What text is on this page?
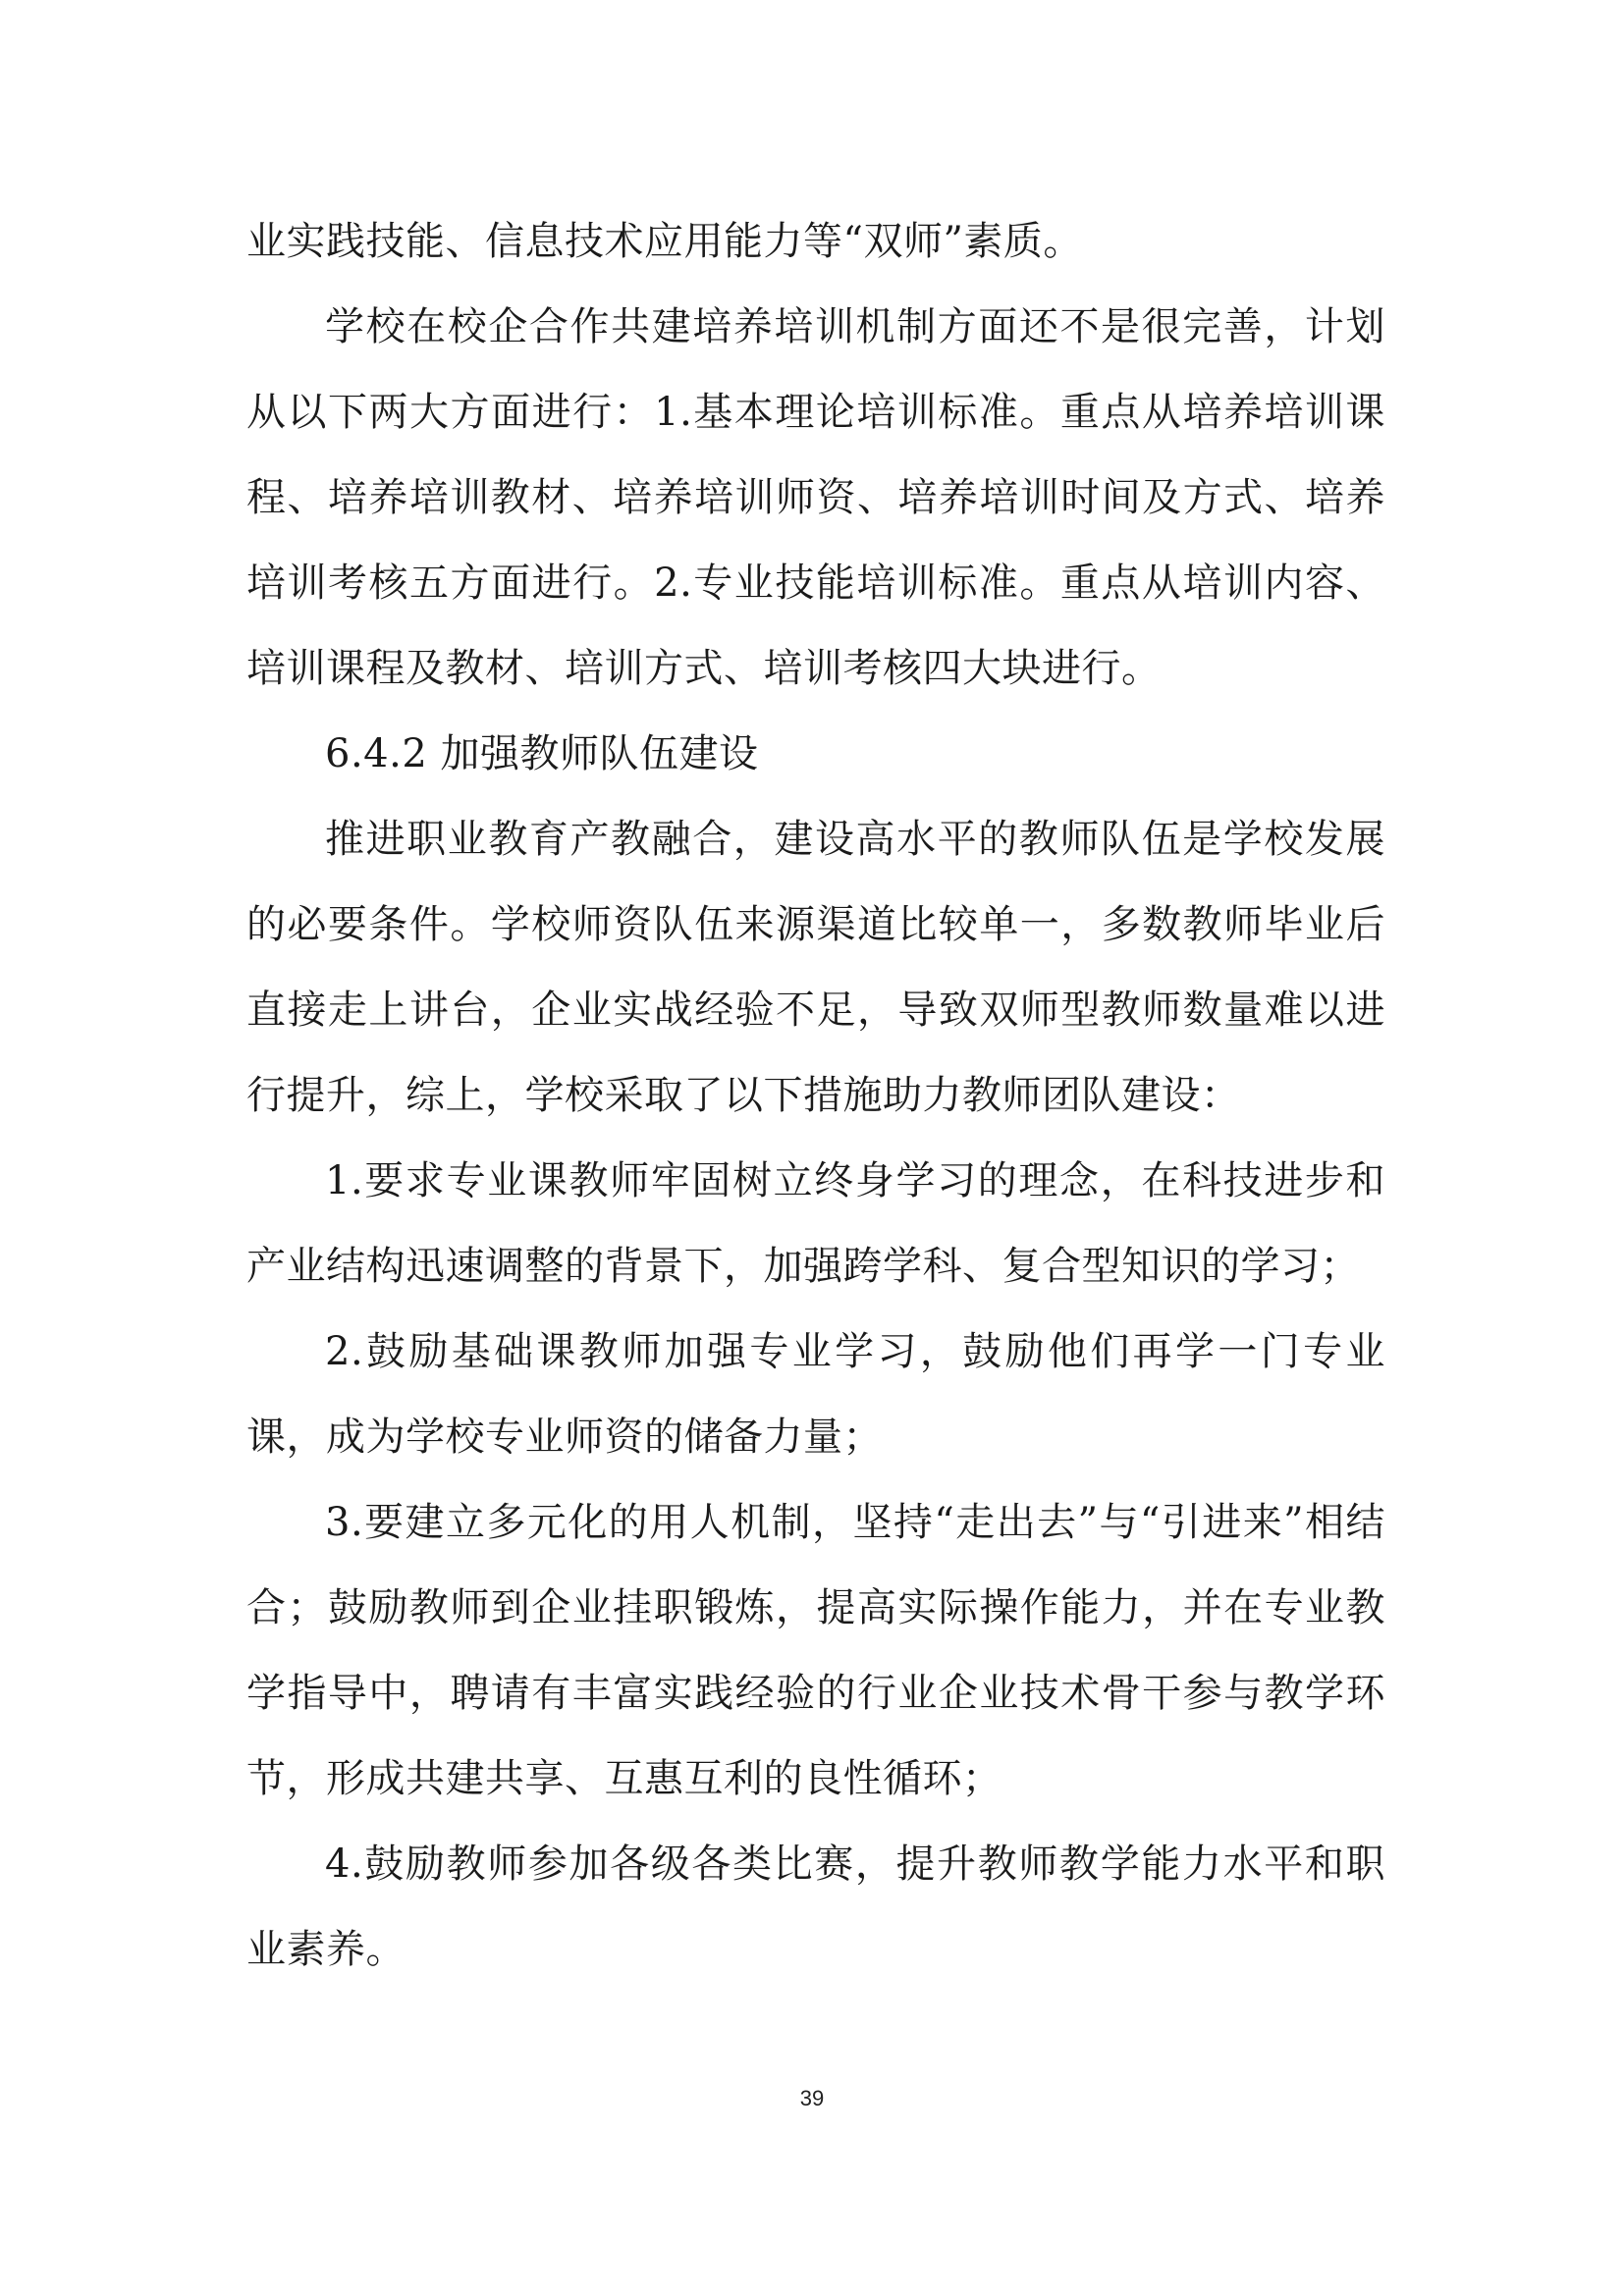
业实践技能、信息技术应用能力等“双师”素质。

学校在校企合作共建培养培训机制方面还不是很完善，计划从以下两大方面进行：1.基本理论培训标准。重点从培养培训课程、培养培训教材、培养培训师资、培养培训时间及方式、培养培训考核五方面进行。2.专业技能培训标准。重点从培训内容、培训课程及教材、培训方式、培训考核四大块进行。

6.4.2 加强教师队伍建设

推进职业教育产教融合，建设高水平的教师队伍是学校发展的必要条件。学校师资队伍来源渠道比较单一，多数教师毕业后直接走上讲台，企业实战经验不足，导致双师型教师数量难以进行提升，综上，学校采取了以下措施助力教师团队建设：

1.要求专业课教师牢固树立终身学习的理念，在科技进步和产业结构迅速调整的背景下，加强跨学科、复合型知识的学习；

2.鼓励基础课教师加强专业学习，鼓励他们再学一门专业课，成为学校专业师资的储备力量；

3.要建立多元化的用人机制，坚持“走出去”与“引进来”相结合；鼓励教师到企业挂职锻炼，提高实际操作能力，并在专业教学指导中，聘请有丰富实践经验的行业企业技术骨干参与教学环节，形成共建共享、互惠互利的良性循环；

4.鼓励教师参加各级各类比赛，提升教师教学能力水平和职业素养。

39
